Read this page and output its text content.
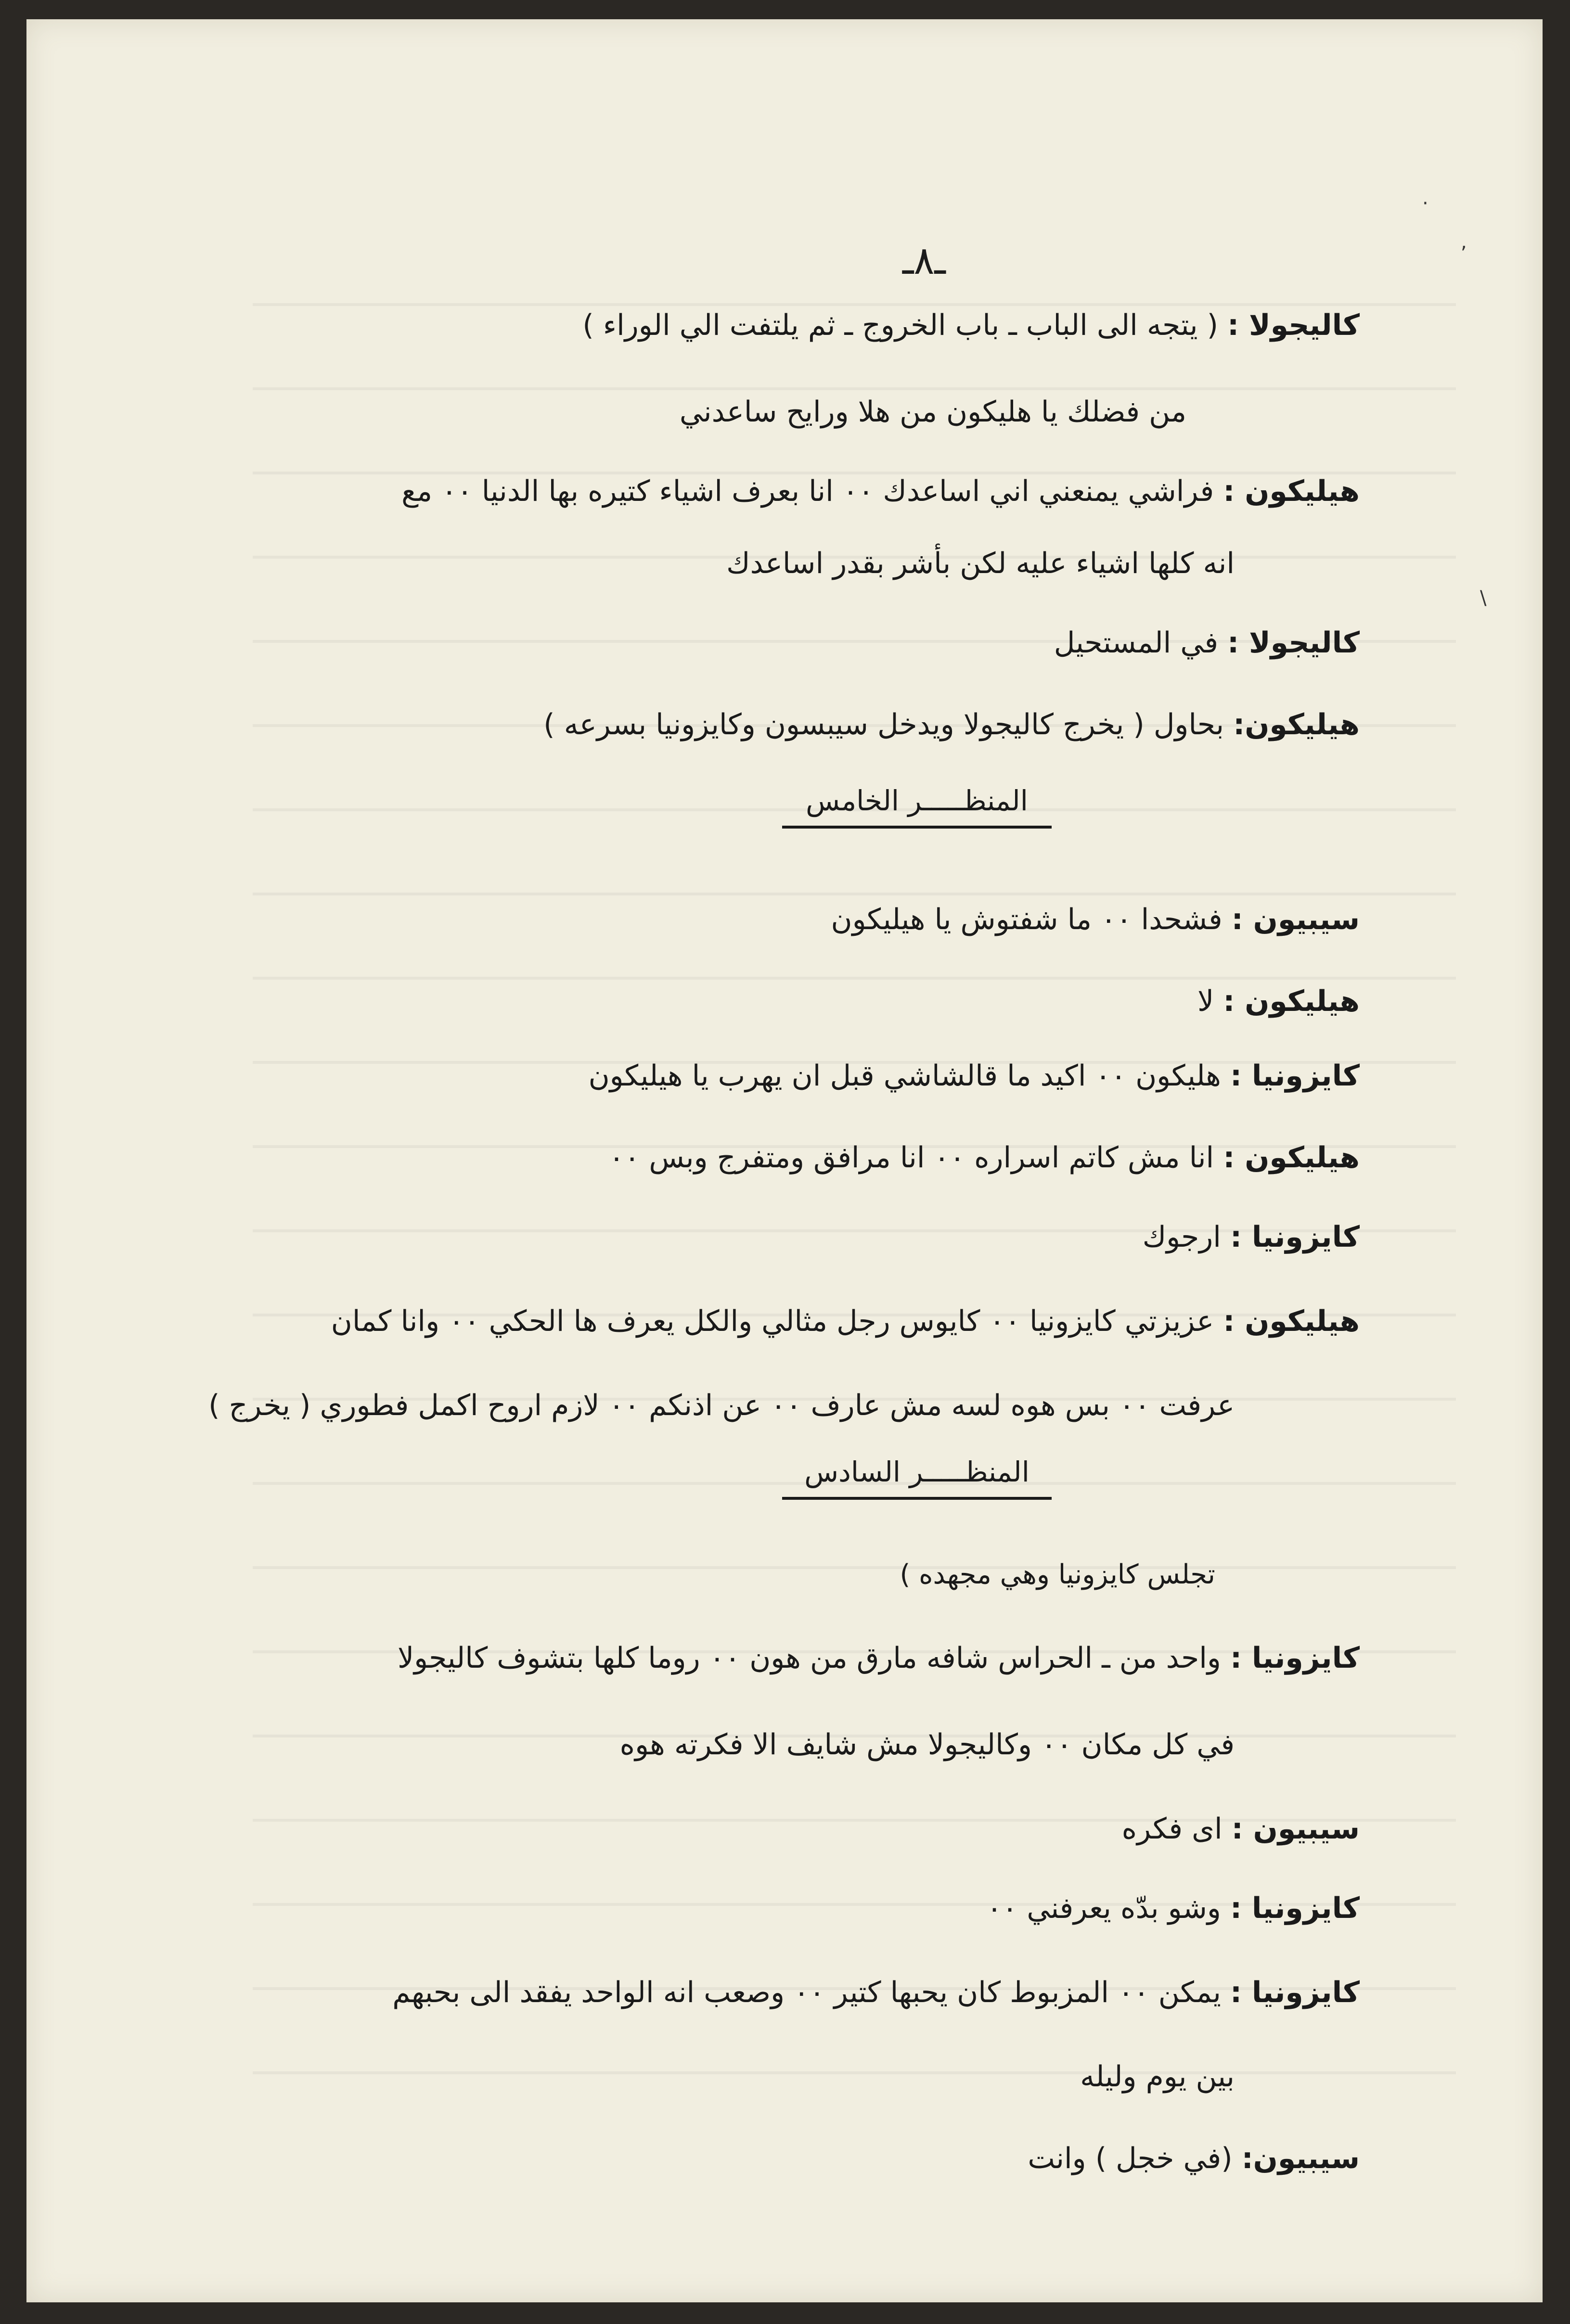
·
,
\
ـ٨ـ
كاليجولا : ( يتجه الى الباب ـ باب الخروج ـ ثم يلتفت الي الوراء )
من فضلك يا هليكون من هلا ورايح ساعدني
هيليكون : فراشي يمنعني اني اساعدك ٠٠ انا بعرف اشياء كتيره بها الدنيا ٠٠ مع
انه كلها اشياء عليه لكن بأشر بقدر اساعدك
كاليجولا : في المستحيل
هيليكون: بحاول ( يخرج كاليجولا ويدخل سيبسون وكايزونيا بسرعه )
المنظـــــر الخامس
سيبيون : فشحدا ٠٠ ما شفتوش يا هيليكون
هيليكون : لا
كايزونيا : هليكون ٠٠ اكيد ما قالشاشي قبل ان يهرب يا هيليكون
هيليكون : انا مش كاتم اسراره ٠٠ انا مرافق ومتفرج وبس ٠٠
كايزونيا : ارجوك
هيليكون : عزيزتي كايزونيا ٠٠ كايوس رجل مثالي والكل يعرف ها الحكي ٠٠ وانا كمان
عرفت ٠٠ بس هوه لسه مش عارف ٠٠ عن اذنكم ٠٠ لازم اروح اكمل فطوري ( يخرج )
المنظـــــر السادس
تجلس كايزونيا وهي مجهده )
كايزونيا : واحد من ـ الحراس شافه مارق من هون ٠٠ روما كلها بتشوف كاليجولا
في كل مكان ٠٠ وكاليجولا مش شايف الا فكرته هوه
سيبيون : اى فكره
كايزونيا : وشو بدّه يعرفني ٠٠
كايزونيا : يمكن ٠٠ المزبوط كان يحبها كتير ٠٠ وصعب انه الواحد يفقد الى بحبهم
بين يوم وليله
سيبيون: (في خجل ) وانت
